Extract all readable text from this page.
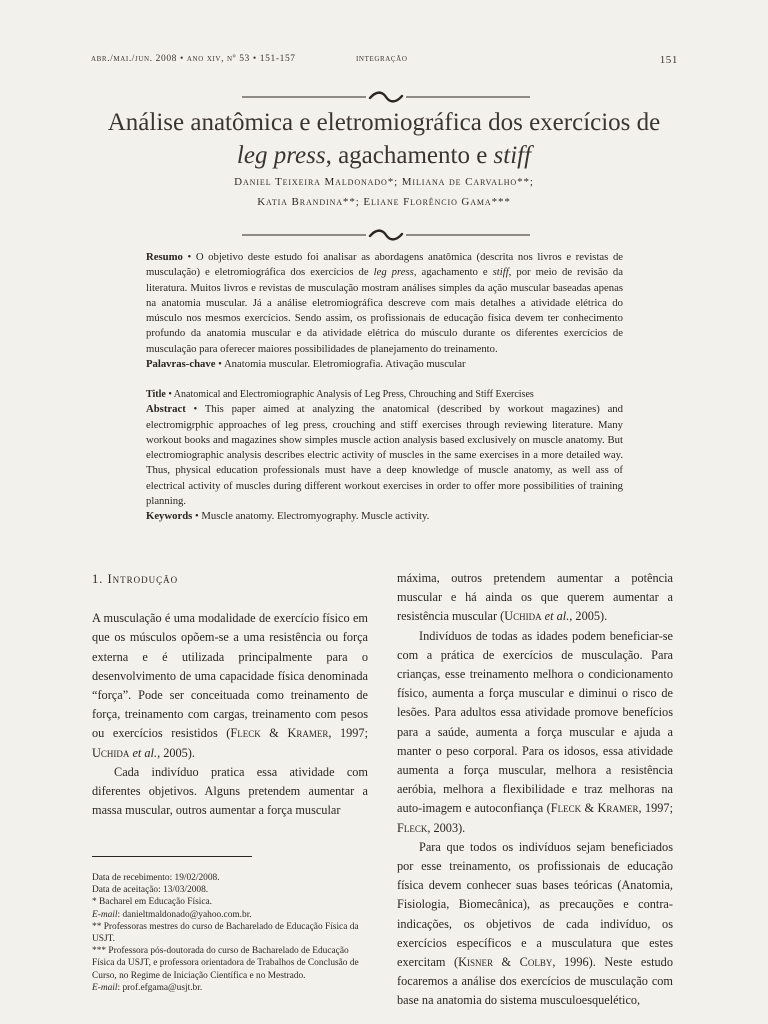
abr./mai./jun. 2008 • ano xiv, nº 53 • 151-157	integração	151
Análise anatômica e eletromiográfica dos exercícios de
leg press, agachamento e stiff
Daniel Teixeira Maldonado*; Miliana de Carvalho**;
Katia Brandina**; Eliane Florêncio Gama***
Resumo • O objetivo deste estudo foi analisar as abordagens anatômica (descrita nos livros e revistas de musculação) e eletromiográfica dos exercícios de leg press, agachamento e stiff, por meio de revisão da literatura. Muitos livros e revistas de musculação mostram análises simples da ação muscular baseadas apenas na anatomia muscular. Já a análise eletromiográfica descreve com mais detalhes a atividade elétrica do músculo nos mesmos exercícios. Sendo assim, os profissionais de educação física devem ter conhecimento profundo da anatomia muscular e da atividade elétrica do músculo durante os diferentes exercícios de musculação para oferecer maiores possibilidades de planejamento do treinamento.
Palavras-chave • Anatomia muscular. Eletromiografia. Ativação muscular
Title • Anatomical and Electromiographic Analysis of Leg Press, Chrouching and Stiff Exercises
Abstract • This paper aimed at analyzing the anatomical (described by workout magazines) and electromigrphic approaches of leg press, crouching and stiff exercises through reviewing literature. Many workout books and magazines show simples muscle action analysis based exclusively on muscle anatomy. But electromiographic analysis describes electric activity of muscles in the same exercises in a more detailed way. Thus, physical education professionals must have a deep knowledge of muscle anatomy, as well ass of electrical activity of muscles during different workout exercises in order to offer more possibilities of training planning.
Keywords • Muscle anatomy. Electromyography. Muscle activity.
1. Introdução

A musculação é uma modalidade de exercício físico em que os músculos opõem-se a uma resistência ou força externa e é utilizada principalmente para o desenvolvimento de uma capacidade física denominada “força”. Pode ser conceituada como treinamento de força, treinamento com cargas, treinamento com pesos ou exercícios resistidos (Fleck & Kramer, 1997; Uchida et al., 2005).

Cada indivíduo pratica essa atividade com diferentes objetivos. Alguns pretendem aumentar a massa muscular, outros aumentar a força muscular

máxima, outros pretendem aumentar a potência muscular e há ainda os que querem aumentar a resistência muscular (Uchida et al., 2005).

Indivíduos de todas as idades podem beneficiar-se com a prática de exercícios de musculação. Para crianças, esse treinamento melhora o condicionamento físico, aumenta a força muscular e diminui o risco de lesões. Para adultos essa atividade promove benefícios para a saúde, aumenta a força muscular e ajuda a manter o peso corporal. Para os idosos, essa atividade aumenta a força muscular, melhora a resistência aeróbia, melhora a flexibilidade e traz melhoras na auto-imagem e autoconfiança (Fleck & Kramer, 1997; Fleck, 2003).

Para que todos os indivíduos sejam beneficiados por esse treinamento, os profissionais de educação física devem conhecer suas bases teóricas (Anatomia, Fisiologia, Biomecânica), as precauções e contra-indicações, os objetivos de cada indivíduo, os exercícios específicos e a musculatura que estes exercitam (Kisner & Colby, 1996). Neste estudo focaremos a análise dos exercícios de musculação com base na anatomia do sistema musculoesquelético,

Data de recebimento: 19/02/2008.
Data de aceitação: 13/03/2008.
* Bacharel em Educação Física.
E-mail: danieltmaldonado@yahoo.com.br.
** Professoras mestres do curso de Bacharelado de Educação Física da USJT.
*** Professora pós-doutorada do curso de Bacharelado de Educação Física da USJT, e professora orientadora de Trabalhos de Conclusão de Curso, no Regime de Iniciação Científica e no Mestrado.
E-mail: prof.efgama@usjt.br.
